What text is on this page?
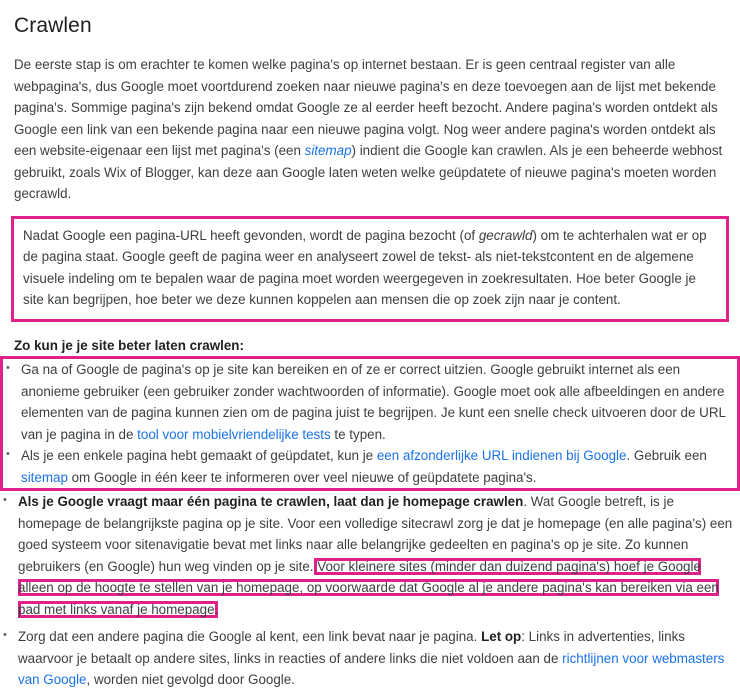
Crawlen

De eerste stap is om erachter te komen welke pagina's op internet bestaan. Er is geen centraal register van alle webpagina's, dus Google moet voortdurend zoeken naar nieuwe pagina's en deze toevoegen aan de lijst met bekende pagina's. Sommige pagina's zijn bekend omdat Google ze al eerder heeft bezocht. Andere pagina's worden ontdekt als Google een link van een bekende pagina naar een nieuwe pagina volgt. Nog weer andere pagina's worden ontdekt als een website-eigenaar een lijst met pagina's (een sitemap) indient die Google kan crawlen. Als je een beheerde webhost gebruikt, zoals Wix of Blogger, kan deze aan Google laten weten welke geüpdatete of nieuwe pagina's moeten worden gecrawld.

Nadat Google een pagina-URL heeft gevonden, wordt de pagina bezocht (of gecrawld) om te achterhalen wat er op de pagina staat. Google geeft de pagina weer en analyseert zowel de tekst- als niet-tekstcontent en de algemene visuele indeling om te bepalen waar de pagina moet worden weergegeven in zoekresultaten. Hoe beter Google je site kan begrijpen, hoe beter we deze kunnen koppelen aan mensen die op zoek zijn naar je content.

Zo kun je je site beter laten crawlen:

• Ga na of Google de pagina's op je site kan bereiken en of ze er correct uitzien. Google gebruikt internet als een anonieme gebruiker (een gebruiker zonder wachtwoorden of informatie). Google moet ook alle afbeeldingen en andere elementen van de pagina kunnen zien om de pagina juist te begrijpen. Je kunt een snelle check uitvoeren door de URL van je pagina in de tool voor mobielvriendelijke tests te typen.
• Als je een enkele pagina hebt gemaakt of geüpdatet, kun je een afzonderlijke URL indienen bij Google. Gebruik een sitemap om Google in één keer te informeren over veel nieuwe of geüpdatete pagina's.
• Als je Google vraagt maar één pagina te crawlen, laat dan je homepage crawlen. Wat Google betreft, is je homepage de belangrijkste pagina op je site. Voor een volledige sitecrawl zorg je dat je homepage (en alle pagina's) een goed systeem voor sitenavigatie bevat met links naar alle belangrijke gedeelten en pagina's op je site. Zo kunnen gebruikers (en Google) hun weg vinden op je site. Voor kleinere sites (minder dan duizend pagina's) hoef je Google alleen op de hoogte te stellen van je homepage, op voorwaarde dat Google al je andere pagina's kan bereiken via een pad met links vanaf je homepage.
• Zorg dat een andere pagina die Google al kent, een link bevat naar je pagina. Let op: Links in advertenties, links waarvoor je betaalt op andere sites, links in reacties of andere links die niet voldoen aan de richtlijnen voor webmasters van Google, worden niet gevolgd door Google.
